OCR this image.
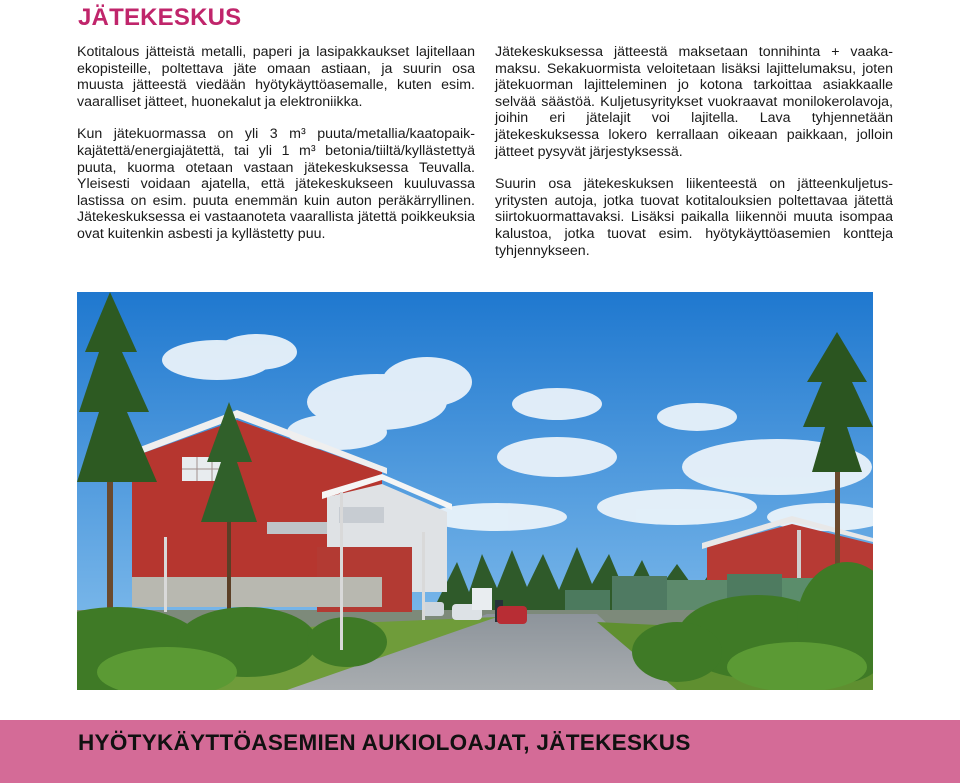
JÄTEKESKUS

Kotitalous jätteistä metalli, paperi ja lasipakkaukset lajitellaan ekopisteille, poltettava jäte omaan astiaan, ja suurin osa muusta jätteestä viedään hyötykäyttöasemalle, kuten esim. vaaralliset jätteet, huonekalut ja elektroniikka.

Kun jätekuormassa on yli 3 m³ puuta/metallia/kaatopaikkajätettä/energiajätettä, tai yli 1 m³ betonia/tiiltä/kyllästettyä puuta, kuorma otetaan vastaan jätekeskuksessa Teuvalla. Yleisesti voidaan ajatella, että jätekeskukseen kuuluvassa lastissa on esim. puuta enemmän kuin auton peräkärryllinen. Jätekeskuksessa ei vastaanoteta vaarallista jätettä poikkeuksia ovat kuitenkin asbesti ja kyllästetty puu.

Jätekeskuksessa jätteestä maksetaan tonnihinta + vaakamaksu. Sekakuormista veloitetaan lisäksi lajittelumaksu, joten jätekuorman lajitteleminen jo kotona tarkoittaa asiakkaalle selvää säästöä. Kuljetusyritykset vuokraavat monilokerolavoja, joihin eri jätelajit voi lajitella. Lava tyhjennetään jätekeskuksessa lokero kerrallaan oikeaan paikkaan, jolloin jätteet pysyvät järjestyksessä.

Suurin osa jätekeskuksen liikenteestä on jätteenkuljetusyritysten autoja, jotka tuovat kotitalouksien poltettavaa jätettä siirtokuormattavaksi. Lisäksi paikalla liikennöi muuta isompaa kalustoa, jotka tuovat esim. hyötykäyttöasemien kontteja tyhjennykseen.

HYÖTYKÄYTTÖASEMIEN AUKIOLOAJAT, JÄTEKESKUS
